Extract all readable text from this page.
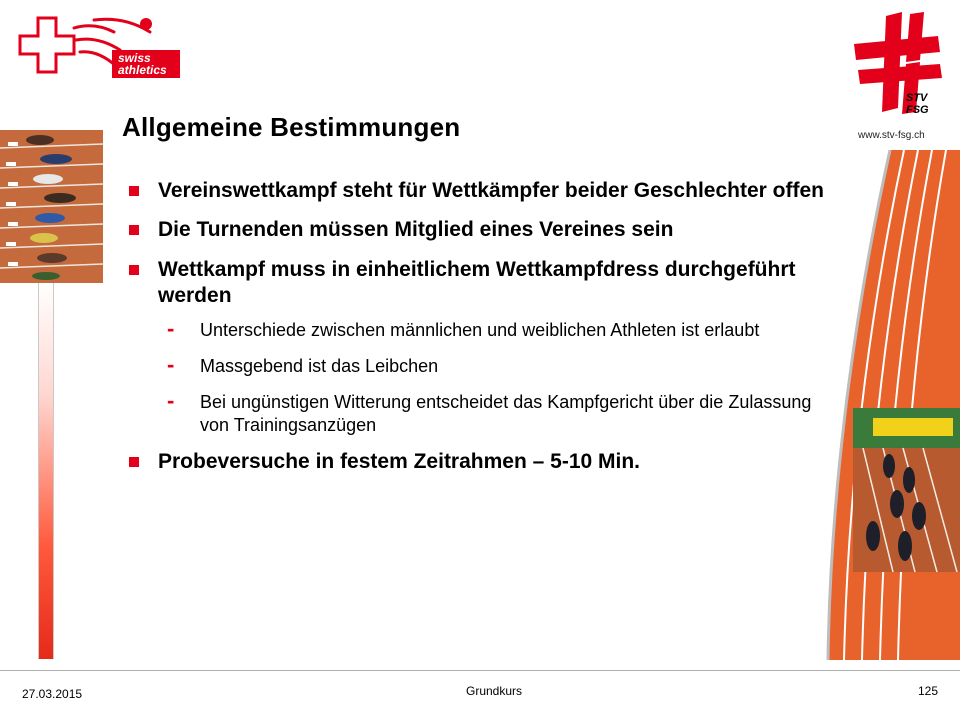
swiss
athletics
STV
FSG
www.stv-fsg.ch
Allgemeine Bestimmungen
Vereinswettkampf steht für Wettkämpfer beider Geschlechter offen
Die Turnenden müssen Mitglied eines Vereines sein
Wettkampf muss in einheitlichem Wettkampfdress durchgeführt werden
- Unterschiede zwischen männlichen und weiblichen Athleten ist erlaubt
- Massgebend ist das Leibchen
- Bei ungünstigen Witterung entscheidet das Kampfgericht über die Zulassung von Trainingsanzügen
Probeversuche in festem Zeitrahmen – 5-10 Min.
27.03.2015	Grundkurs	125
